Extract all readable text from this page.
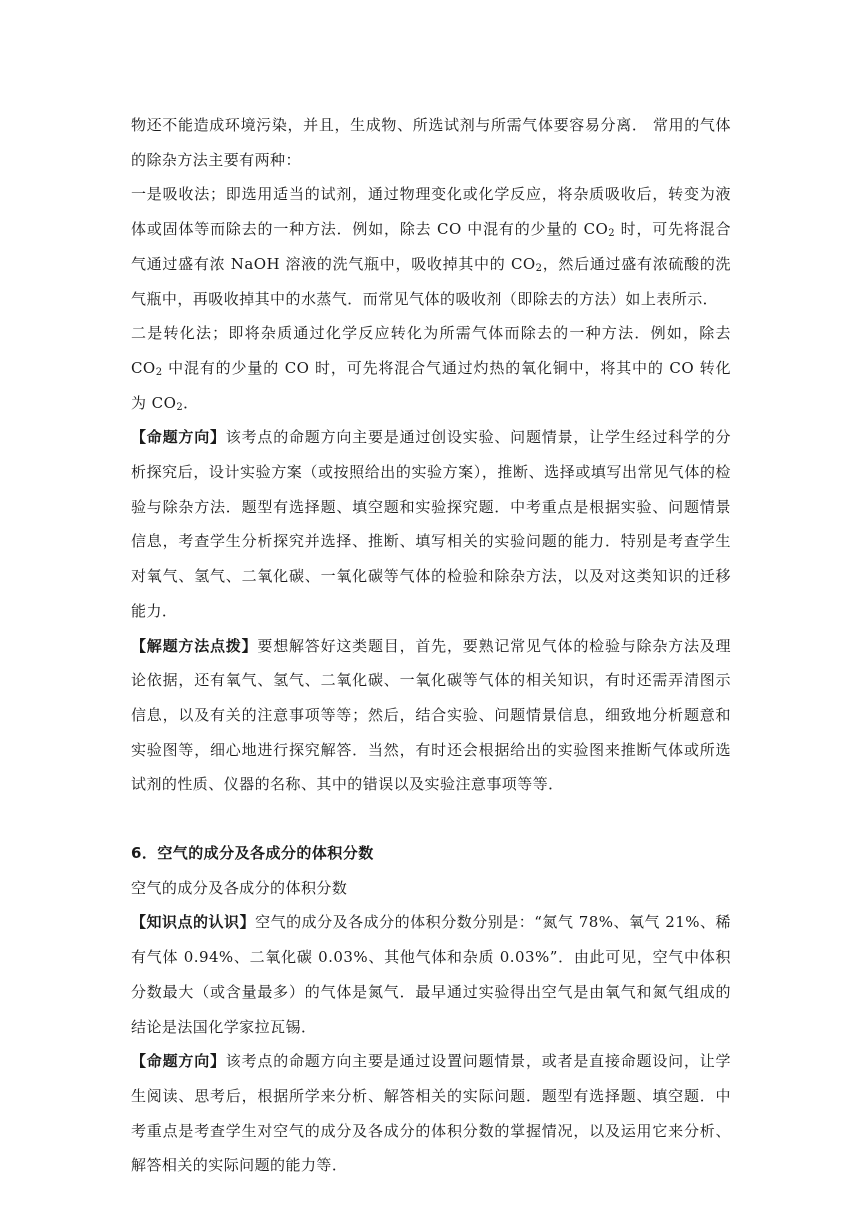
物还不能造成环境污染，并且，生成物、所选试剂与所需气体要容易分离． 常用的气体的除杂方法主要有两种：

一是吸收法；即选用适当的试剂，通过物理变化或化学反应，将杂质吸收后，转变为液体或固体等而除去的一种方法．例如，除去 CO 中混有的少量的 $CO_2$ 时，可先将混合气通过盛有浓 NaOH 溶液的洗气瓶中，吸收掉其中的 $CO_2$，然后通过盛有浓硫酸的洗气瓶中，再吸收掉其中的水蒸气．而常见气体的吸收剂（即除去的方法）如上表所示．

二是转化法；即将杂质通过化学反应转化为所需气体而除去的一种方法．例如，除去 $CO_2$ 中混有的少量的 CO 时，可先将混合气通过灼热的氧化铜中，将其中的 CO 转化为 $CO_2$．

【命题方向】该考点的命题方向主要是通过创设实验、问题情景，让学生经过科学的分析探究后，设计实验方案（或按照给出的实验方案），推断、选择或填写出常见气体的检验与除杂方法．题型有选择题、填空题和实验探究题．中考重点是根据实验、问题情景信息，考查学生分析探究并选择、推断、填写相关的实验问题的能力．特别是考查学生对氧气、氢气、二氧化碳、一氧化碳等气体的检验和除杂方法，以及对这类知识的迁移能力．

【解题方法点拨】要想解答好这类题目，首先，要熟记常见气体的检验与除杂方法及理论依据，还有氧气、氢气、二氧化碳、一氧化碳等气体的相关知识，有时还需弄清图示信息，以及有关的注意事项等等；然后，结合实验、问题情景信息，细致地分析题意和实验图等，细心地进行探究解答．当然，有时还会根据给出的实验图来推断气体或所选试剂的性质、仪器的名称、其中的错误以及实验注意事项等等．

6．空气的成分及各成分的体积分数

空气的成分及各成分的体积分数

【知识点的认识】空气的成分及各成分的体积分数分别是：“氮气 78%、氧气 21%、稀有气体 0.94%、二氧化碳 0.03%、其他气体和杂质 0.03%”．由此可见，空气中体积分数最大（或含量最多）的气体是氮气．最早通过实验得出空气是由氧气和氮气组成的结论是法国化学家拉瓦锡．

【命题方向】该考点的命题方向主要是通过设置问题情景，或者是直接命题设问，让学生阅读、思考后，根据所学来分析、解答相关的实际问题．题型有选择题、填空题．中考重点是考查学生对空气的成分及各成分的体积分数的掌握情况，以及运用它来分析、解答相关的实际问题的能力等．
